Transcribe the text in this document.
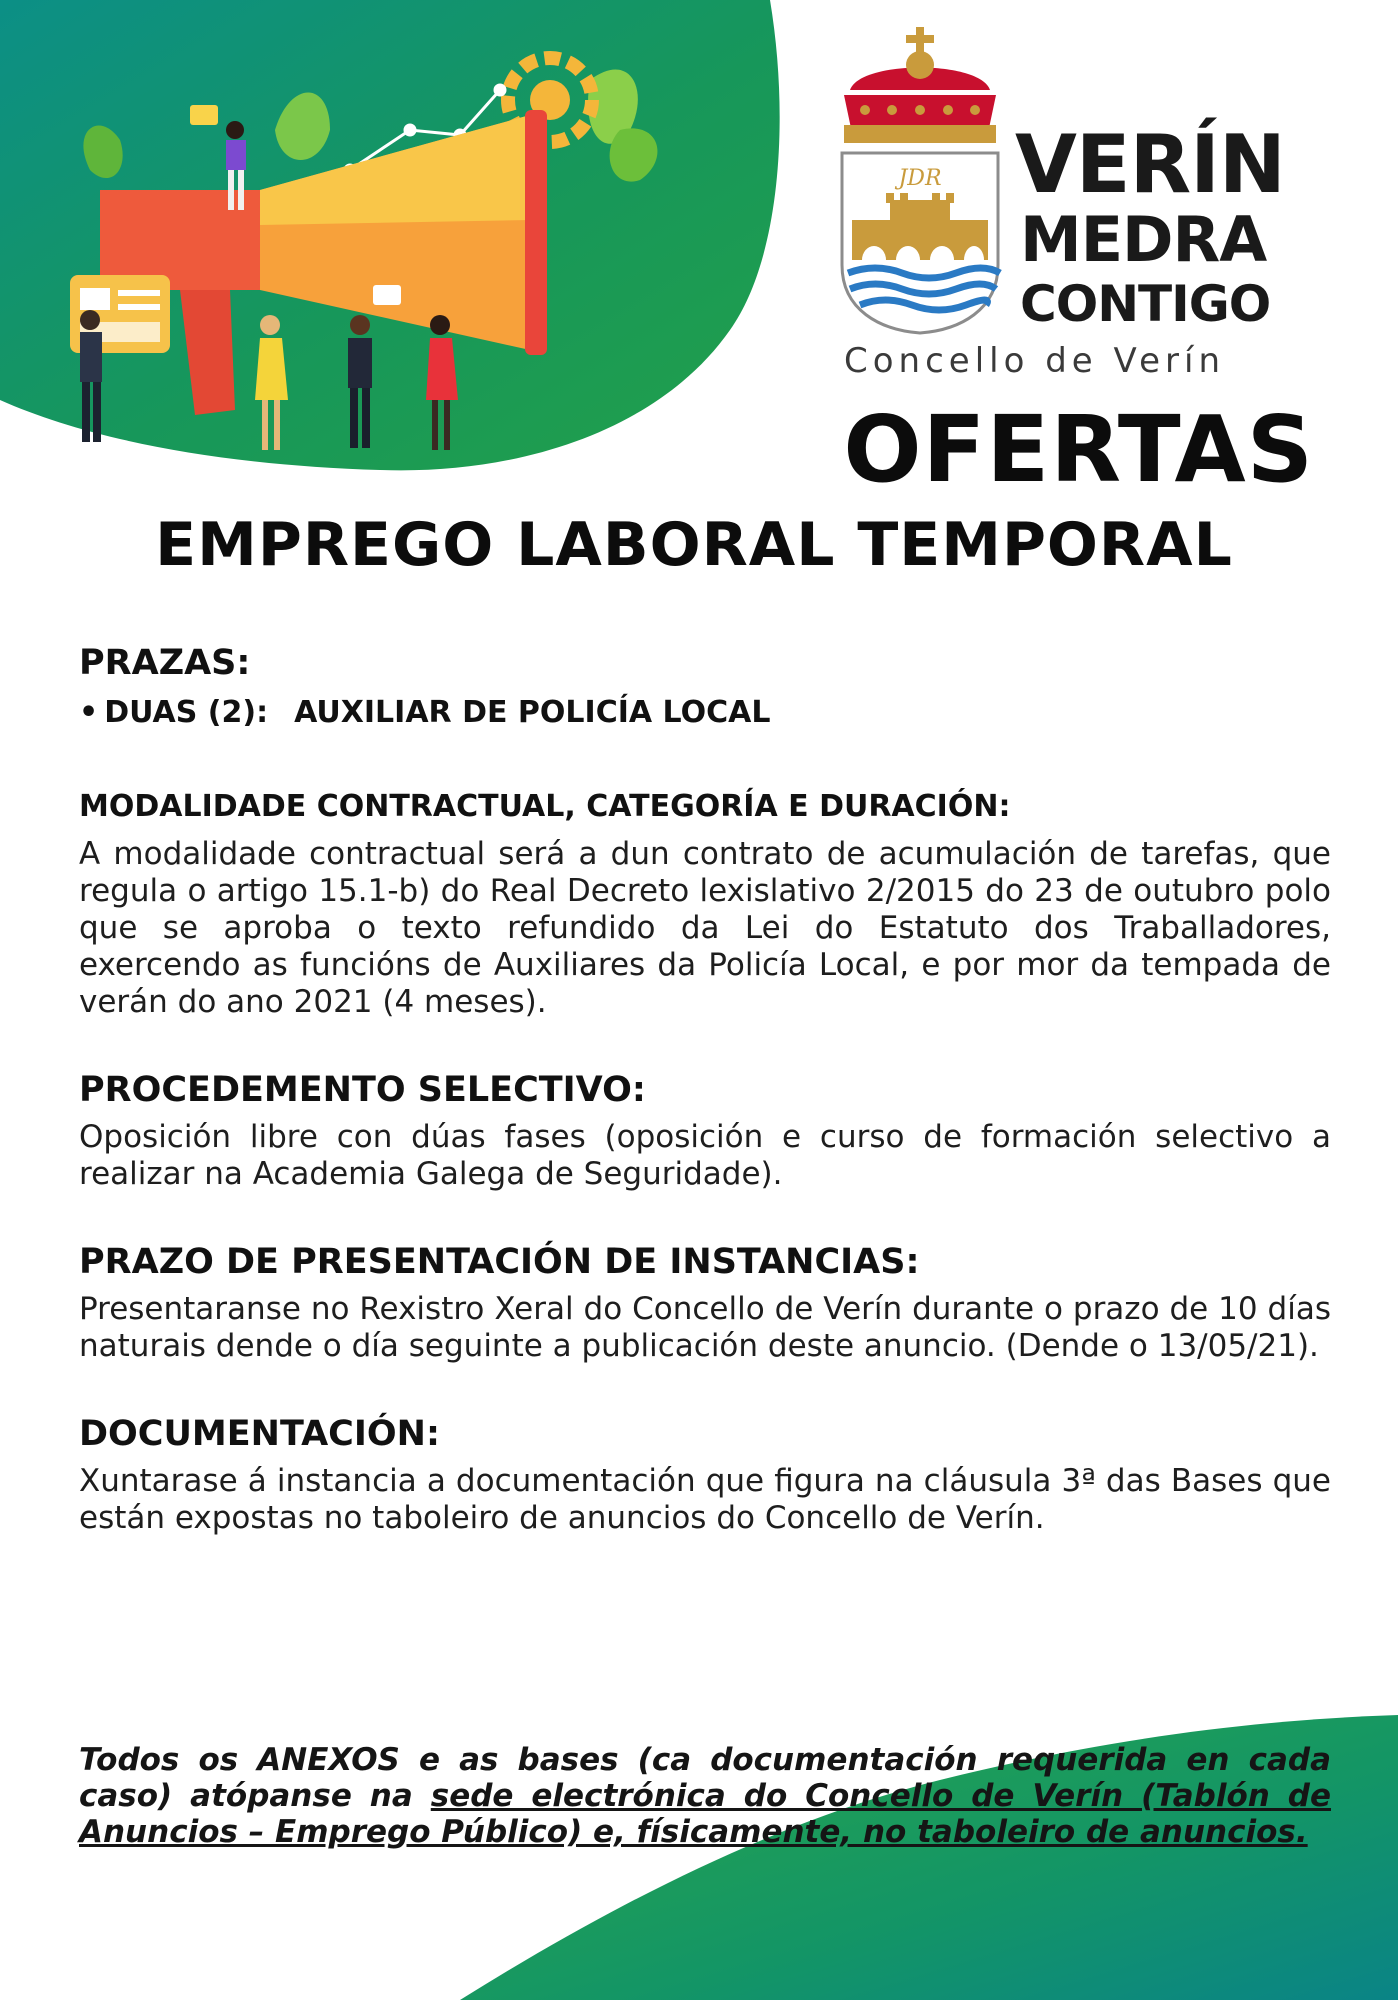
JDR VERÍN
MEDRA
CONTIGO
Concello de Verín
OFERTAS
EMPREGO LABORAL TEMPORAL
PRAZAS:
• DUAS (2): AUXILIAR DE POLICÍA LOCAL
MODALIDADE CONTRACTUAL, CATEGORÍA E DURACIÓN:

A modalidade contractual será a dun contrato de acumulación de tarefas, que regula o artigo 15.1-b) do Real Decreto lexislativo 2/2015 do 23 de outubro polo que se aproba o texto refundido da Lei do Estatuto dos Traballadores, exercendo as funcións de Auxiliares da Policía Local, e por mor da tempada de verán do ano 2021 (4 meses).

PROCEDEMENTO SELECTIVO:

Oposición libre con dúas fases (oposición e curso de formación selectivo a realizar na Academia Galega de Seguridade).

PRAZO DE PRESENTACIÓN DE INSTANCIAS:

Presentaranse no Rexistro Xeral do Concello de Verín durante o prazo de 10 días naturais dende o día seguinte a publicación deste anuncio. (Dende o 13/05/21).

DOCUMENTACIÓN:

Xuntarase á instancia a documentación que figura na cláusula 3ª das Bases que están expostas no taboleiro de anuncios do Concello de Verín.

Todos os ANEXOS e as bases (ca documentación requerida en cada caso) atópanse na sede electrónica do Concello de Verín (Tablón de Anuncios – Emprego Público) e, físicamente, no taboleiro de anuncios.
